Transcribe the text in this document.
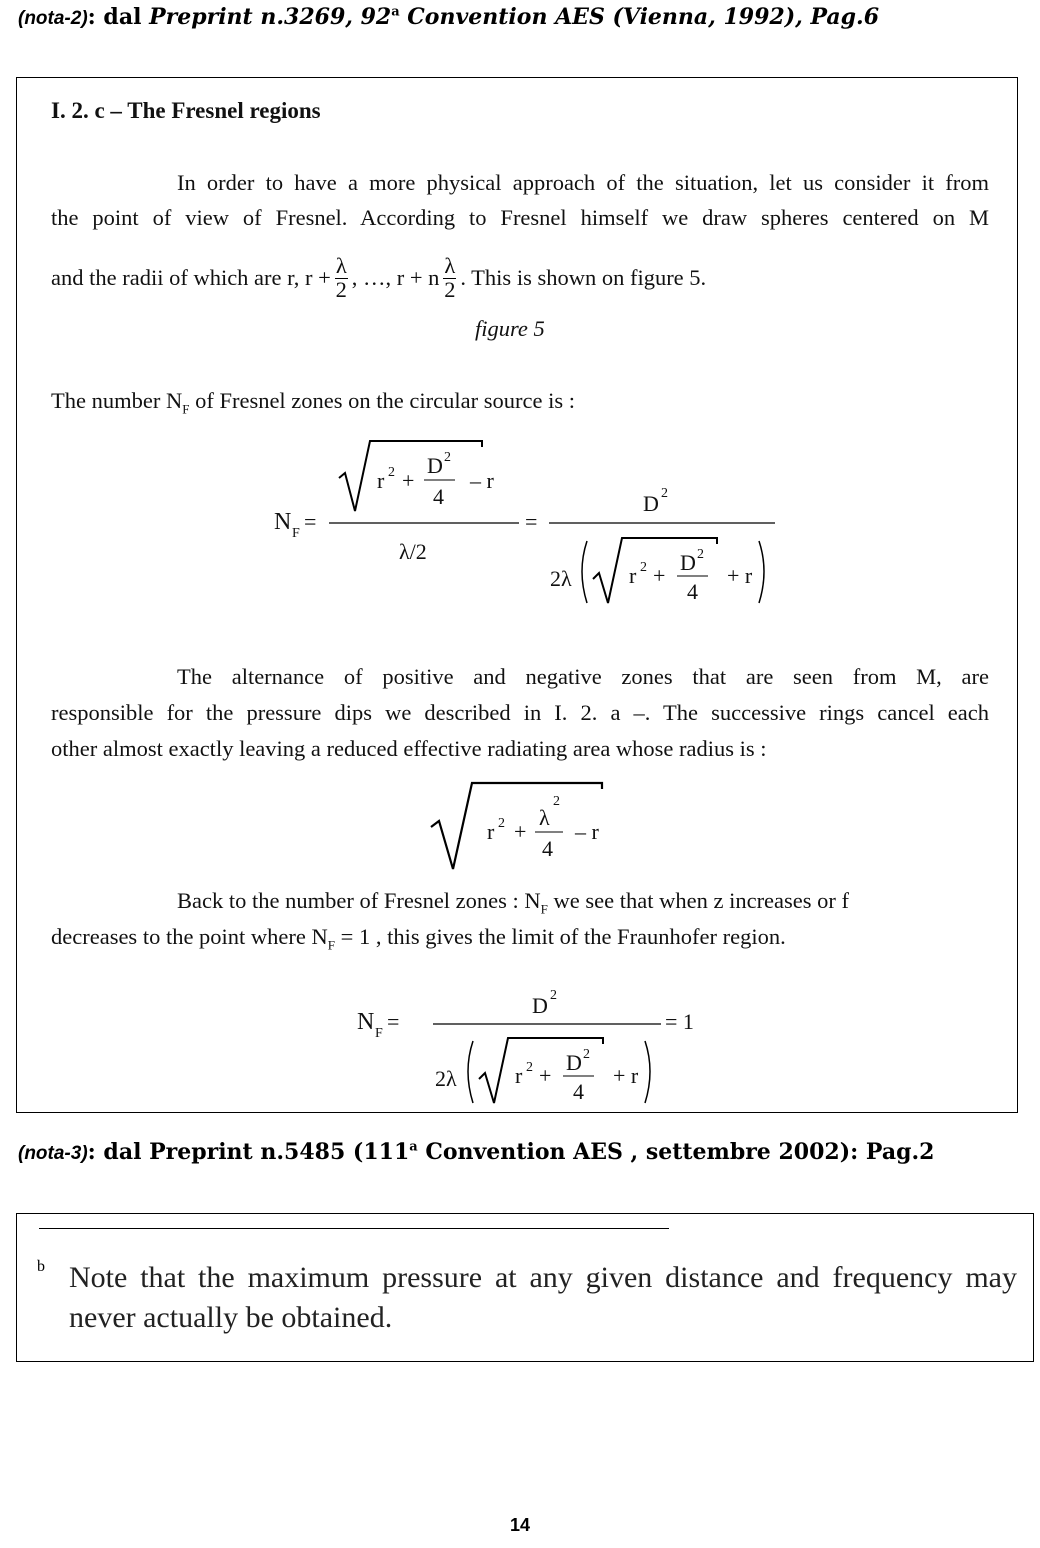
(nota-2): dal Preprint n.3269, 92$^a$ Convention AES (Vienna, 1992), Pag.6
I. 2. c – The Fresnel regions
In order to have a more physical approach of the situation, let us consider it from
the point of view of Fresnel. According to Fresnel himself we draw spheres centered on M
and the radii of which are r, $r + \frac{\lambda}{2}$ , …, r + n $\frac{\lambda}{2}$ . This is shown on figure 5.
figure 5
The number $N_F$ of Fresnel zones on the circular source is :
N F =
r 2 +
D 2
4
– r
λ/2
=
D 2
2λ	r 2 +
D 2
4
+ r
The alternance of positive and negative zones that are seen from M, are
responsible for the pressure dips we described in I. 2. a –. The successive rings cancel each
other almost exactly leaving a reduced effective radiating area whose radius is :
r 2 +
λ
2
4
– r
Back to the number of Fresnel zones : $N_F$ we see that when z increases or f
decreases to the point where $N_F = 1$ , this gives the limit of the Fraunhofer region.
N F =
D 2
= 1
2λ	r 2 +
D 2
4
+ r
(nota-3): dal Preprint n.5485 (111$^a$ Convention AES , settembre 2002): Pag.2
b Note that the maximum pressure at any given distance and frequency may never actually be obtained.
14
